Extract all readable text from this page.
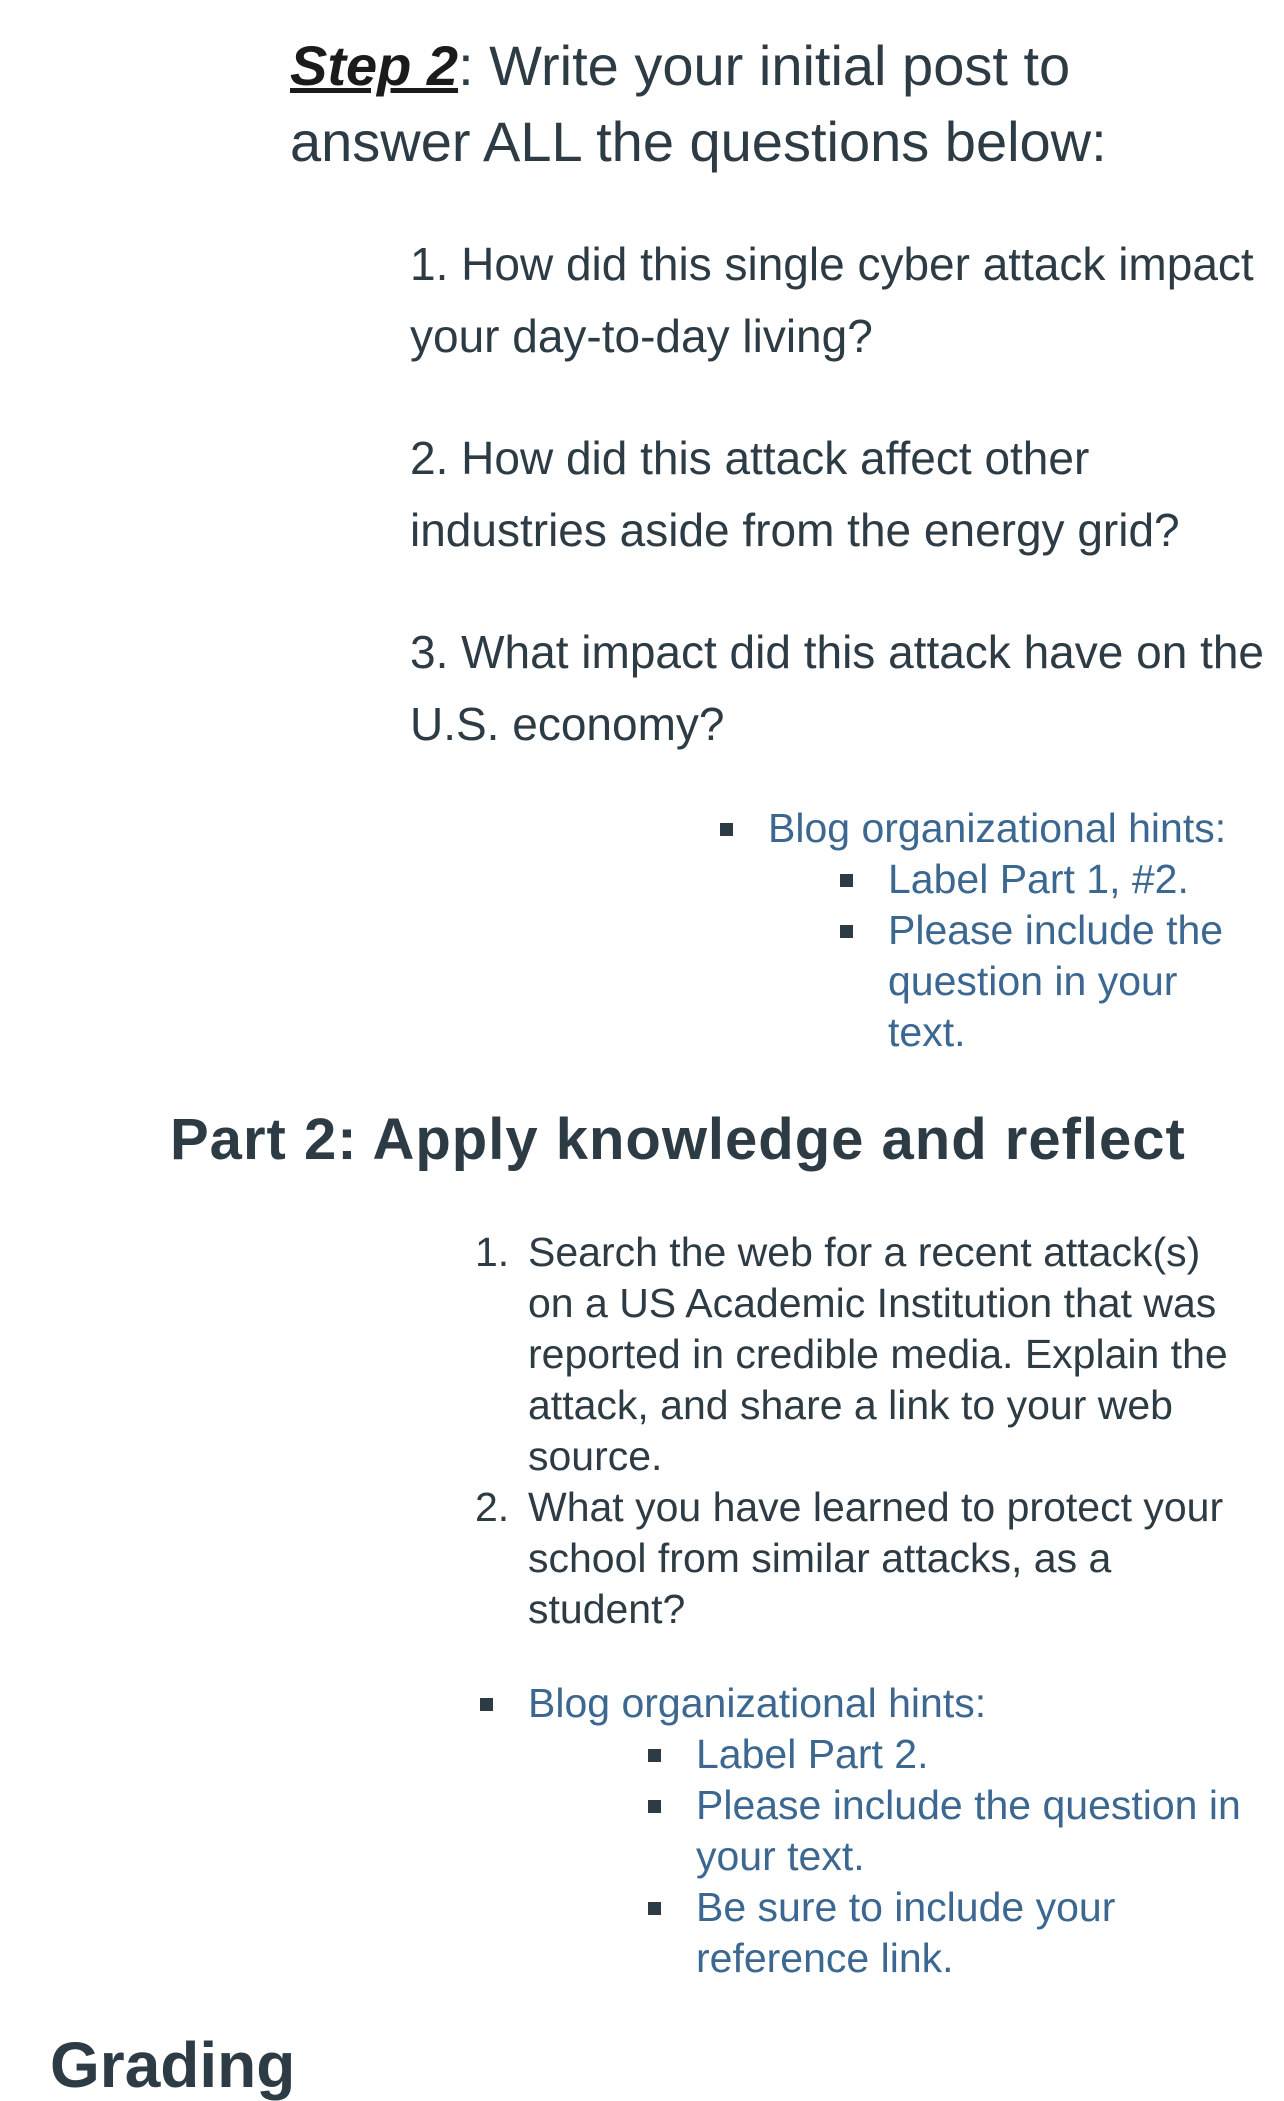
Step 2: Write your initial post to answer ALL the questions below:
1. How did this single cyber attack impact your day-to-day living?
2. How did this attack affect other industries aside from the energy grid?
3. What impact did this attack have on the U.S. economy?
Blog organizational hints:
Label Part 1, #2.
Please include the question in your text.
Part 2: Apply knowledge and reflect
1. Search the web for a recent attack(s) on a US Academic Institution that was reported in credible media. Explain the attack, and share a link to your web source.
2. What you have learned to protect your school from similar attacks, as a student?
Blog organizational hints:
Label Part 2.
Please include the question in your text.
Be sure to include your reference link.
Grading
